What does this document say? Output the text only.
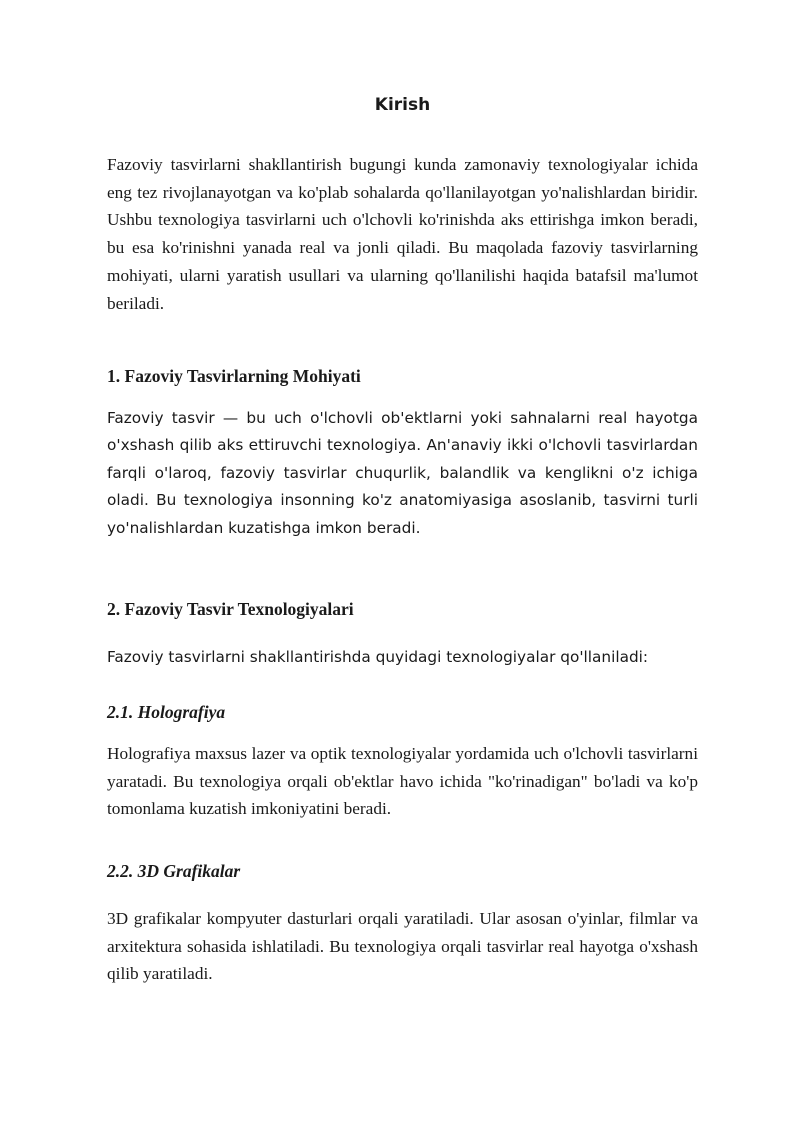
Kirish

Fazoviy tasvirlarni shakllantirish bugungi kunda zamonaviy texnologiyalar ichida eng tez rivojlanayotgan va ko'plab sohalarda qo'llanilayotgan yo'nalishlardan biridir. Ushbu texnologiya tasvirlarni uch o'lchovli ko'rinishda aks ettirishga imkon beradi, bu esa ko'rinishni yanada real va jonli qiladi. Bu maqolada fazoviy tasvirlarning mohiyati, ularni yaratish usullari va ularning qo'llanilishi haqida batafsil ma'lumot beriladi.

1. Fazoviy Tasvirlarning Mohiyati

Fazoviy tasvir — bu uch o'lchovli ob'ektlarni yoki sahnalarni real hayotga o'xshash qilib aks ettiruvchi texnologiya. An'anaviy ikki o'lchovli tasvirlardan farqli o'laroq, fazoviy tasvirlar chuqurlik, balandlik va kenglikni o'z ichiga oladi. Bu texnologiya insonning ko'z anatomiyasiga asoslanib, tasvirni turli yo'nalishlardan kuzatishga imkon beradi.

2. Fazoviy Tasvir Texnologiyalari

Fazoviy tasvirlarni shakllantirishda quyidagi texnologiyalar qo'llaniladi:

2.1. Holografiya

Holografiya maxsus lazer va optik texnologiyalar yordamida uch o'lchovli tasvirlarni yaratadi. Bu texnologiya orqali ob'ektlar havo ichida "ko'rinadigan" bo'ladi va ko'p tomonlama kuzatish imkoniyatini beradi.

2.2. 3D Grafikalar

3D grafikalar kompyuter dasturlari orqali yaratiladi. Ular asosan o'yinlar, filmlar va arxitektura sohasida ishlatiladi. Bu texnologiya orqali tasvirlar real hayotga o'xshash qilib yaratiladi.
